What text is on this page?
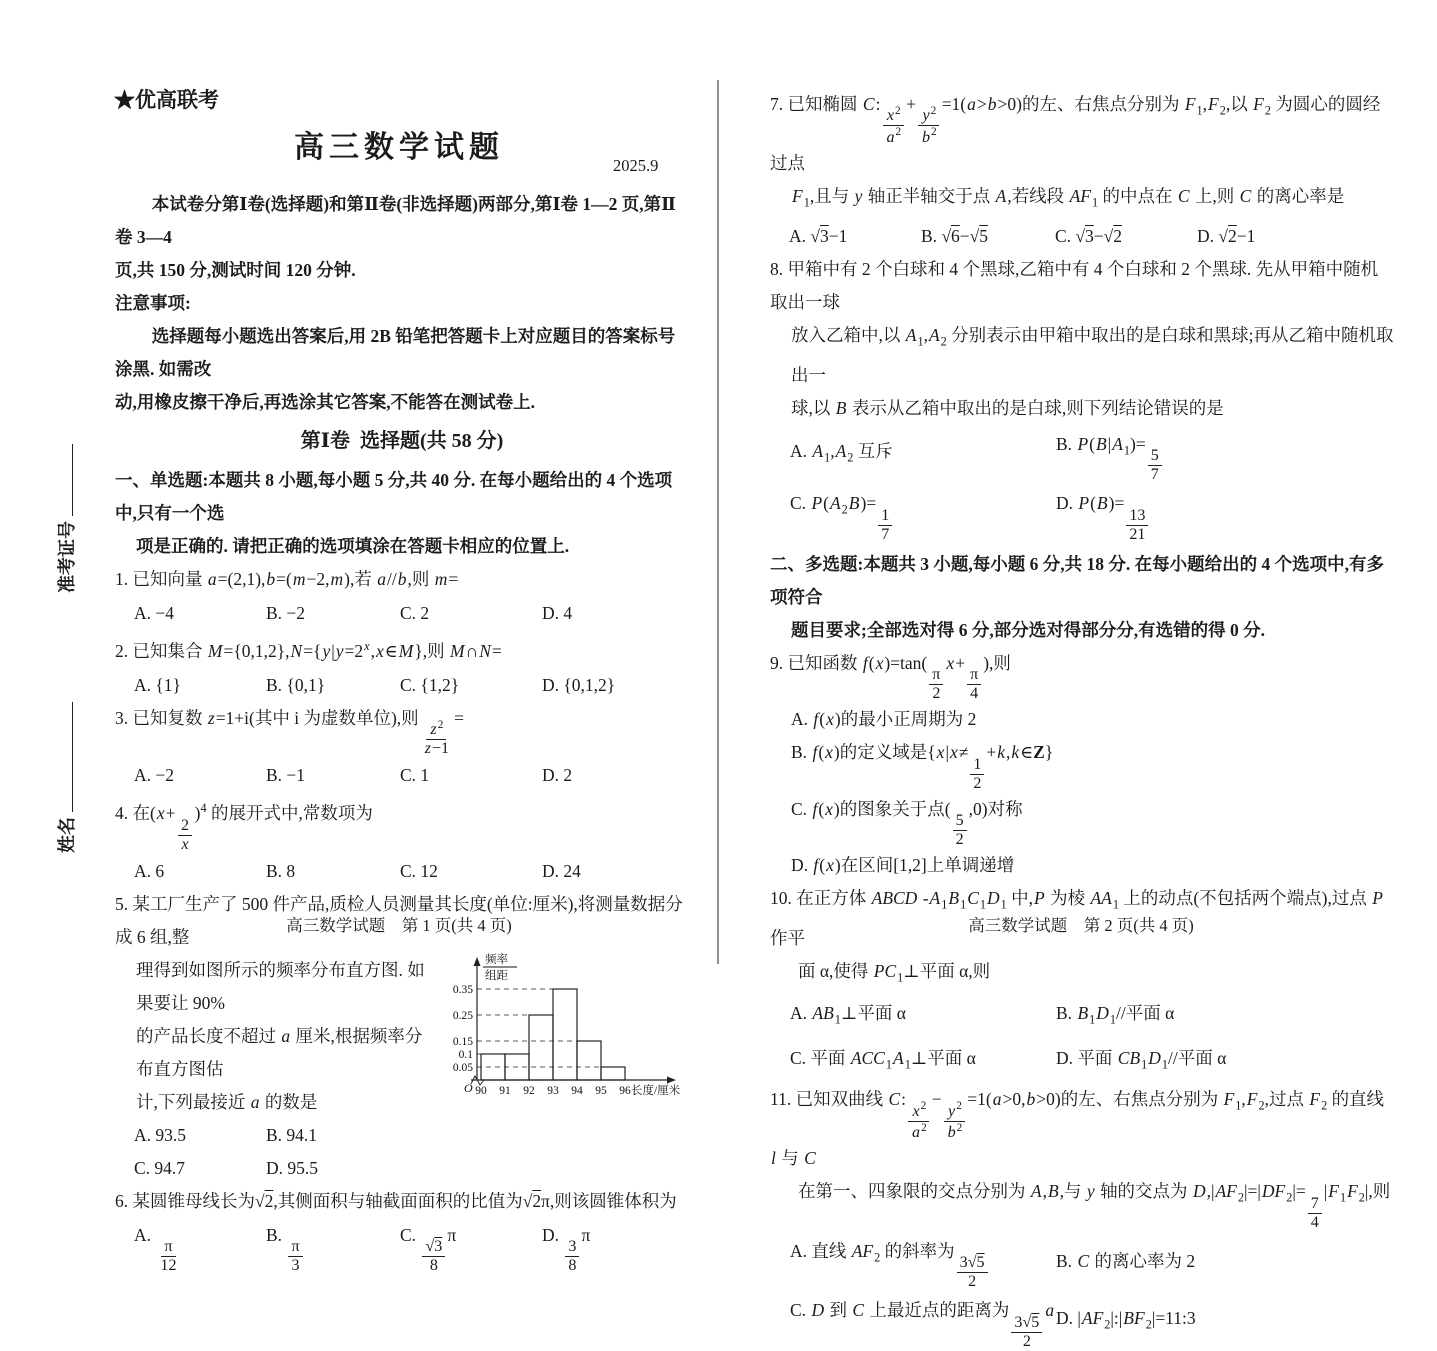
准考证号
姓名
★优高联考
高三数学试题
2025.9
本试卷分第Ⅰ卷(选择题)和第Ⅱ卷(非选择题)两部分,第Ⅰ卷 1—2 页,第Ⅱ卷 3—4
页,共 150 分,测试时间 120 分钟.
注意事项:
选择题每小题选出答案后,用 2B 铅笔把答题卡上对应题目的答案标号涂黑. 如需改
动,用橡皮擦干净后,再选涂其它答案,不能答在测试卷上.
第Ⅰ卷  选择题(共 58 分)
一、单选题:本题共 8 小题,每小题 5 分,共 40 分. 在每小题给出的 4 个选项中,只有一个选
项是正确的. 请把正确的选项填涂在答题卡相应的位置上.
1. 已知向量 a=(2,1),b=(m−2,m),若 a//b,则 m=
A. −4	B. −2	C. 2	D. 4
2. 已知集合 $M=\{0,1,2\},N=\{y|y=2^x,x\in M\}$,则 M∩N=
A. {1}	B. {0,1}	C. {1,2}	D. {0,1,2}
3. 已知复数 z=1+i(其中 i 为虚数单位),则
$\frac{z^2}{z-1}$
=
A. −2	B. −1	C. 1	D. 2
4. 在(x+
$\frac{2}{x}$
)$^4$ 的展开式中,常数项为
A. 6	B. 8	C. 12	D. 24
5. 某工厂生产了 500 件产品,质检人员测量其长度(单位:厘米),将测量数据分成 6 组,整
理得到如图所示的频率分布直方图. 如果要让 90%
的产品长度不超过 a 厘米,根据频率分布直方图估
计,下列最接近 a 的数是
A. 93.5	B. 94.1
C. 94.7	D. 95.5
0.05
0.1
0.15
0.25
0.35
90 91 92 93 94 95 96 长度/厘米
O
频率
组距
6. 某圆锥母线长为√2,其侧面积与轴截面面积的比值为√2π,则该圆锥体积为
A.
$\frac{\pi}{12}$
B.
$\frac{\pi}{3}$
C.
$\frac{√3}{8}$
π	D.
$\frac{3}{8}$
π
高三数学试题　第 1 页(共 4 页)
7. 已知椭圆 C:
$\frac{x^2}{a^2}$
+
$\frac{y^2}{b^2}$
=1(a>b>0)的左、右焦点分别为 $F_1,F_2$,以 $F_2$ 为圆心的圆经过点
$F_1$,且与 y 轴正半轴交于点 A,若线段 $AF_1$ 的中点在 C 上,则 C 的离心率是
A. √3−1	B. √6−√5	C. √3−√2	D. √2−1
8. 甲箱中有 2 个白球和 4 个黑球,乙箱中有 4 个白球和 2 个黑球. 先从甲箱中随机取出一球
放入乙箱中,以 $A_1,A_2$ 分别表示由甲箱中取出的是白球和黑球;再从乙箱中随机取出一
球,以 B 表示从乙箱中取出的是白球,则下列结论错误的是
A. $A_1,A_2$ 互斥	B. $P(B|A_1)=$
$\frac{5}{7}$
C. $P(A_2B)=$
$\frac{1}{7}$
D. P(B)=
$\frac{13}{21}$
二、多选题:本题共 3 小题,每小题 6 分,共 18 分. 在每小题给出的 4 个选项中,有多项符合
题目要求;全部选对得 6 分,部分选对得部分分,有选错的得 0 分.
9. 已知函数 f(x)=tan(
$\frac{\pi}{2}$
x+
$\frac{\pi}{4}$
),则
A. f(x)的最小正周期为 2
B. f(x)的定义域是{x|x≠
$\frac{1}{2}$
+k,k∈Z}
C. f(x)的图象关于点(
$\frac{5}{2}$
,0)对称
D. f(x)在区间[1,2]上单调递增
10. 在正方体 ABCD $-A_1B_1C_1D_1$ 中,P 为棱 $AA_1$ 上的动点(不包括两个端点),过点 P 作平
面 α,使得 $PC_1\perp$平面 α,则
A. $AB_1\perp$平面 α	B. $B_1D_1//$平面 α
C. 平面 $ACC_1A_1\perp$平面 α	D. 平面 $CB_1D_1//$平面 α
11. 已知双曲线 C:
$\frac{x^2}{a^2}$
−
$\frac{y^2}{b^2}$
=1(a>0,b>0)的左、右焦点分别为 $F_1,F_2$,过点 $F_2$ 的直线 l 与 C
在第一、四象限的交点分别为 A,B,与 y 轴的交点为 $D,|AF_2|=|DF_2|=$
$\frac{7}{4}$
$|F_1F_2|$,则
A. 直线 $AF_2$ 的斜率为
$\frac{3√5}{2}$	B. C 的离心率为 2
C. D 到 C 上最近点的距离为
$\frac{3√5}{2}$
a D. $|AF_2|:|BF_2|=11:3$
高三数学试题　第 2 页(共 4 页)
